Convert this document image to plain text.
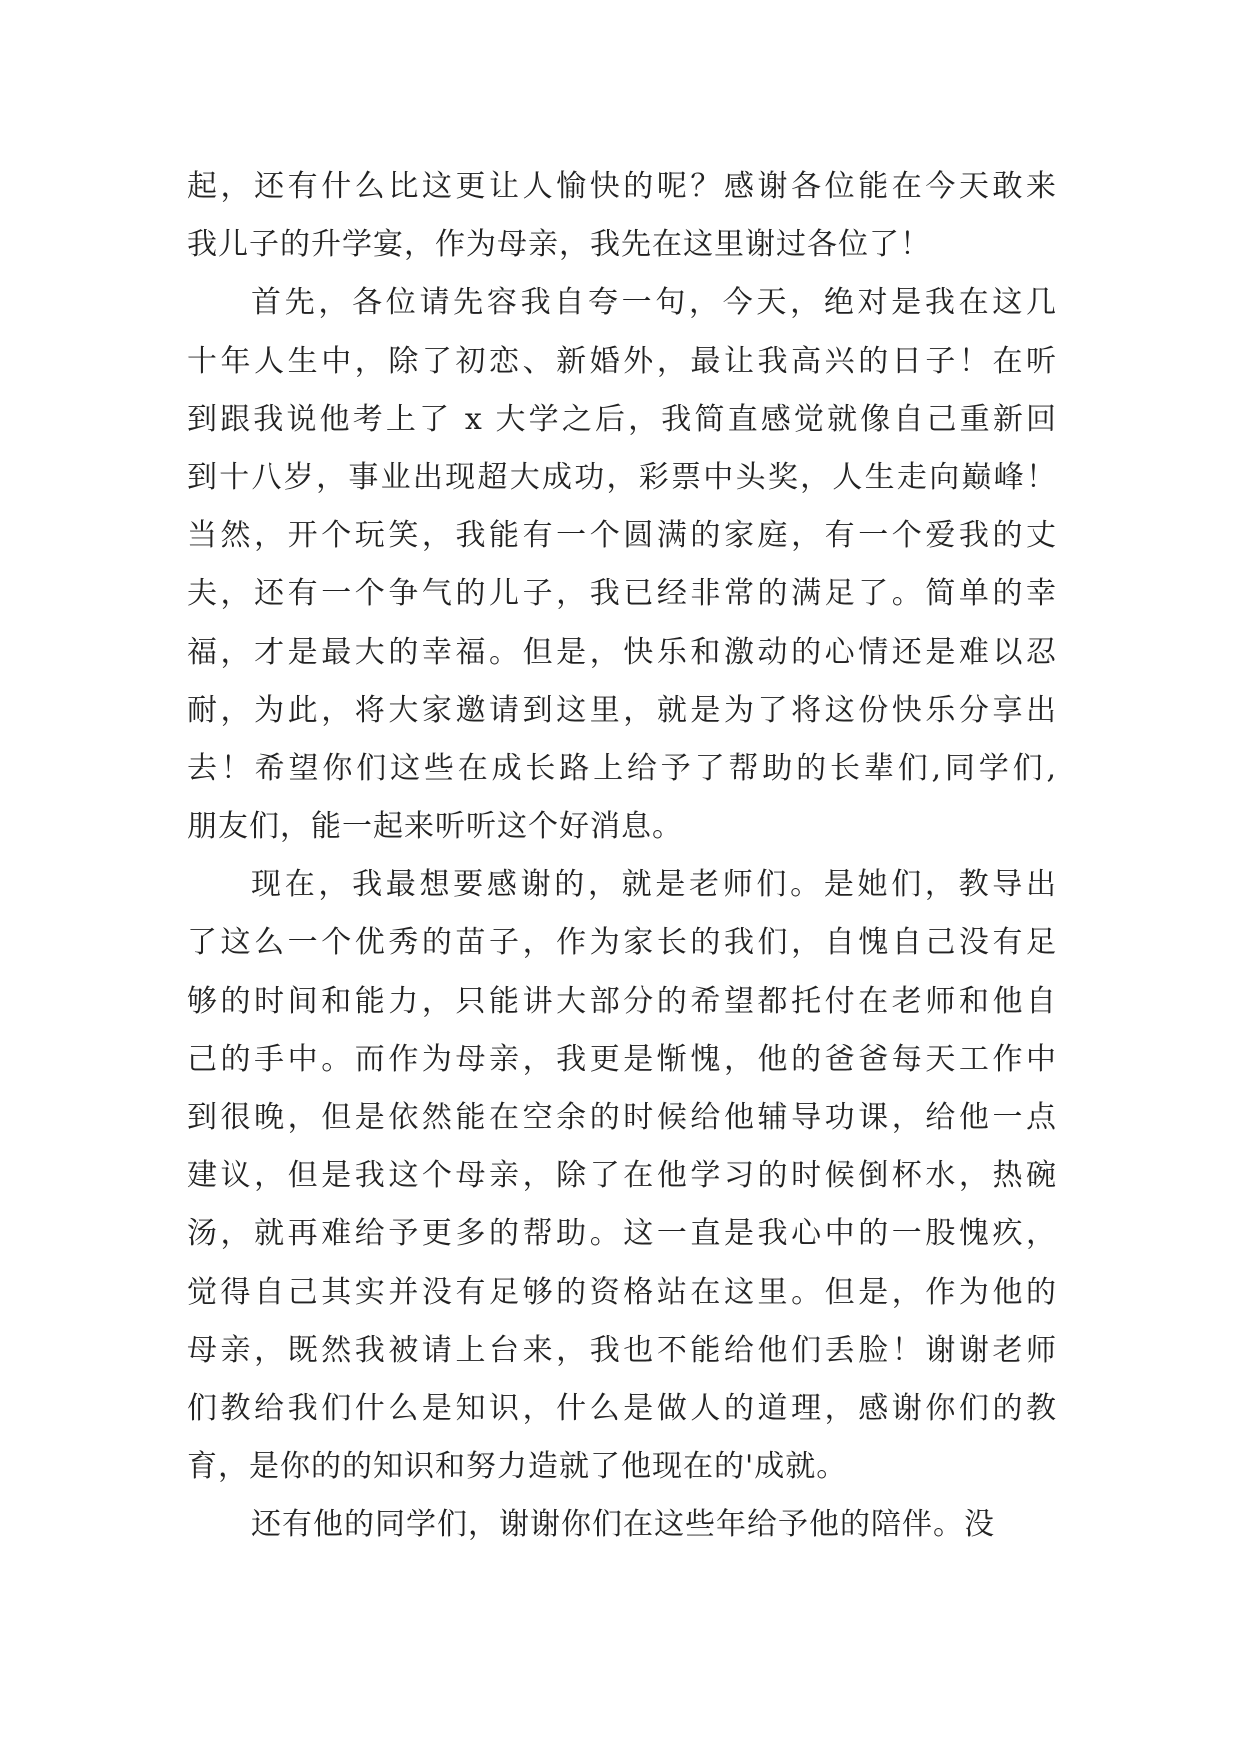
起，还有什么比这更让人愉快的呢？感谢各位能在今天敢来
我儿子的升学宴，作为母亲，我先在这里谢过各位了！
首先，各位请先容我自夸一句，今天，绝对是我在这几
十年人生中，除了初恋、新婚外，最让我高兴的日子！在听
到跟我说他考上了 x 大学之后，我简直感觉就像自己重新回
到十八岁，事业出现超大成功，彩票中头奖，人生走向巅峰！
当然，开个玩笑，我能有一个圆满的家庭，有一个爱我的丈
夫，还有一个争气的儿子，我已经非常的满足了。简单的幸
福，才是最大的幸福。但是，快乐和激动的心情还是难以忍
耐，为此，将大家邀请到这里，就是为了将这份快乐分享出
去！希望你们这些在成长路上给予了帮助的长辈们,同学们,
朋友们，能一起来听听这个好消息。
现在，我最想要感谢的，就是老师们。是她们，教导出
了这么一个优秀的苗子，作为家长的我们，自愧自己没有足
够的时间和能力，只能讲大部分的希望都托付在老师和他自
己的手中。而作为母亲，我更是惭愧，他的爸爸每天工作中
到很晚，但是依然能在空余的时候给他辅导功课，给他一点
建议，但是我这个母亲，除了在他学习的时候倒杯水，热碗
汤，就再难给予更多的帮助。这一直是我心中的一股愧疚，
觉得自己其实并没有足够的资格站在这里。但是，作为他的
母亲，既然我被请上台来，我也不能给他们丢脸！谢谢老师
们教给我们什么是知识，什么是做人的道理，感谢你们的教
育，是你的的知识和努力造就了他现在的'成就。
还有他的同学们，谢谢你们在这些年给予他的陪伴。没
